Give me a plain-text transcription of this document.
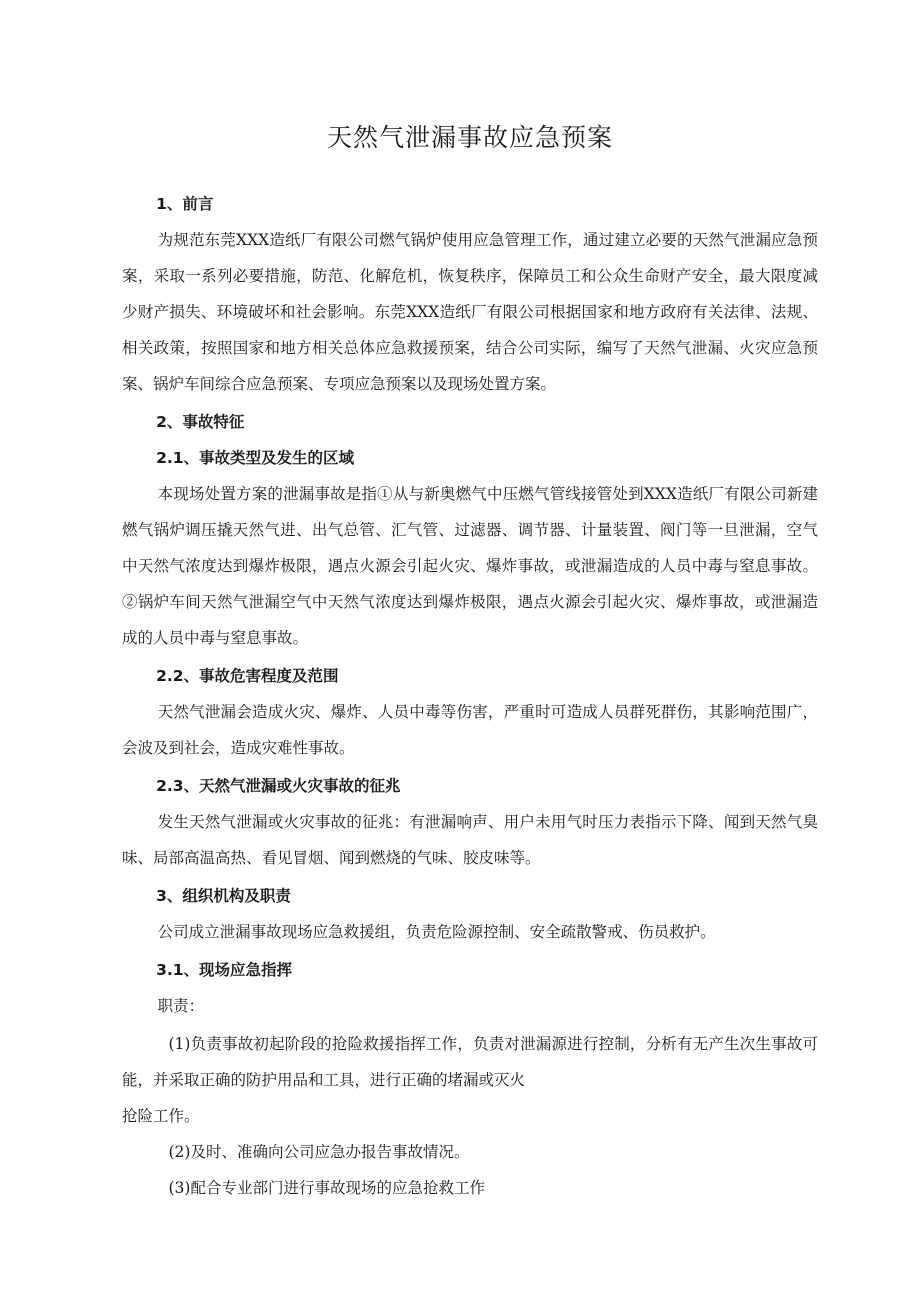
天然气泄漏事故应急预案

1、前言

为规范东莞XXX造纸厂有限公司燃气锅炉使用应急管理工作，通过建立必要的天然气泄漏应急预案，采取一系列必要措施，防范、化解危机，恢复秩序，保障员工和公众生命财产安全，最大限度减少财产损失、环境破坏和社会影响。东莞XXX造纸厂有限公司根据国家和地方政府有关法律、法规、相关政策，按照国家和地方相关总体应急救援预案，结合公司实际，编写了天然气泄漏、火灾应急预案、锅炉车间综合应急预案、专项应急预案以及现场处置方案。

2、事故特征

2.1、事故类型及发生的区域

本现场处置方案的泄漏事故是指①从与新奥燃气中压燃气管线接管处到XXX造纸厂有限公司新建燃气锅炉调压撬天然气进、出气总管、汇气管、过滤器、调节器、计量装置、阀门等一旦泄漏，空气中天然气浓度达到爆炸极限，遇点火源会引起火灾、爆炸事故，或泄漏造成的人员中毒与窒息事故。②锅炉车间天然气泄漏空气中天然气浓度达到爆炸极限，遇点火源会引起火灾、爆炸事故，或泄漏造成的人员中毒与窒息事故。

2.2、事故危害程度及范围

天然气泄漏会造成火灾、爆炸、人员中毒等伤害，严重时可造成人员群死群伤，其影响范围广，会波及到社会，造成灾难性事故。

2.3、天然气泄漏或火灾事故的征兆

发生天然气泄漏或火灾事故的征兆：有泄漏响声、用户未用气时压力表指示下降、闻到天然气臭味、局部高温高热、看见冒烟、闻到燃烧的气味、胶皮味等。

3、组织机构及职责

公司成立泄漏事故现场应急救援组，负责危险源控制、安全疏散警戒、伤员救护。

3.1、现场应急指挥

职责：

(1)负责事故初起阶段的抢险救援指挥工作，负责对泄漏源进行控制，分析有无产生次生事故可能，并采取正确的防护用品和工具，进行正确的堵漏或灭火

抢险工作。

(2)及时、准确向公司应急办报告事故情况。

(3)配合专业部门进行事故现场的应急抢救工作
